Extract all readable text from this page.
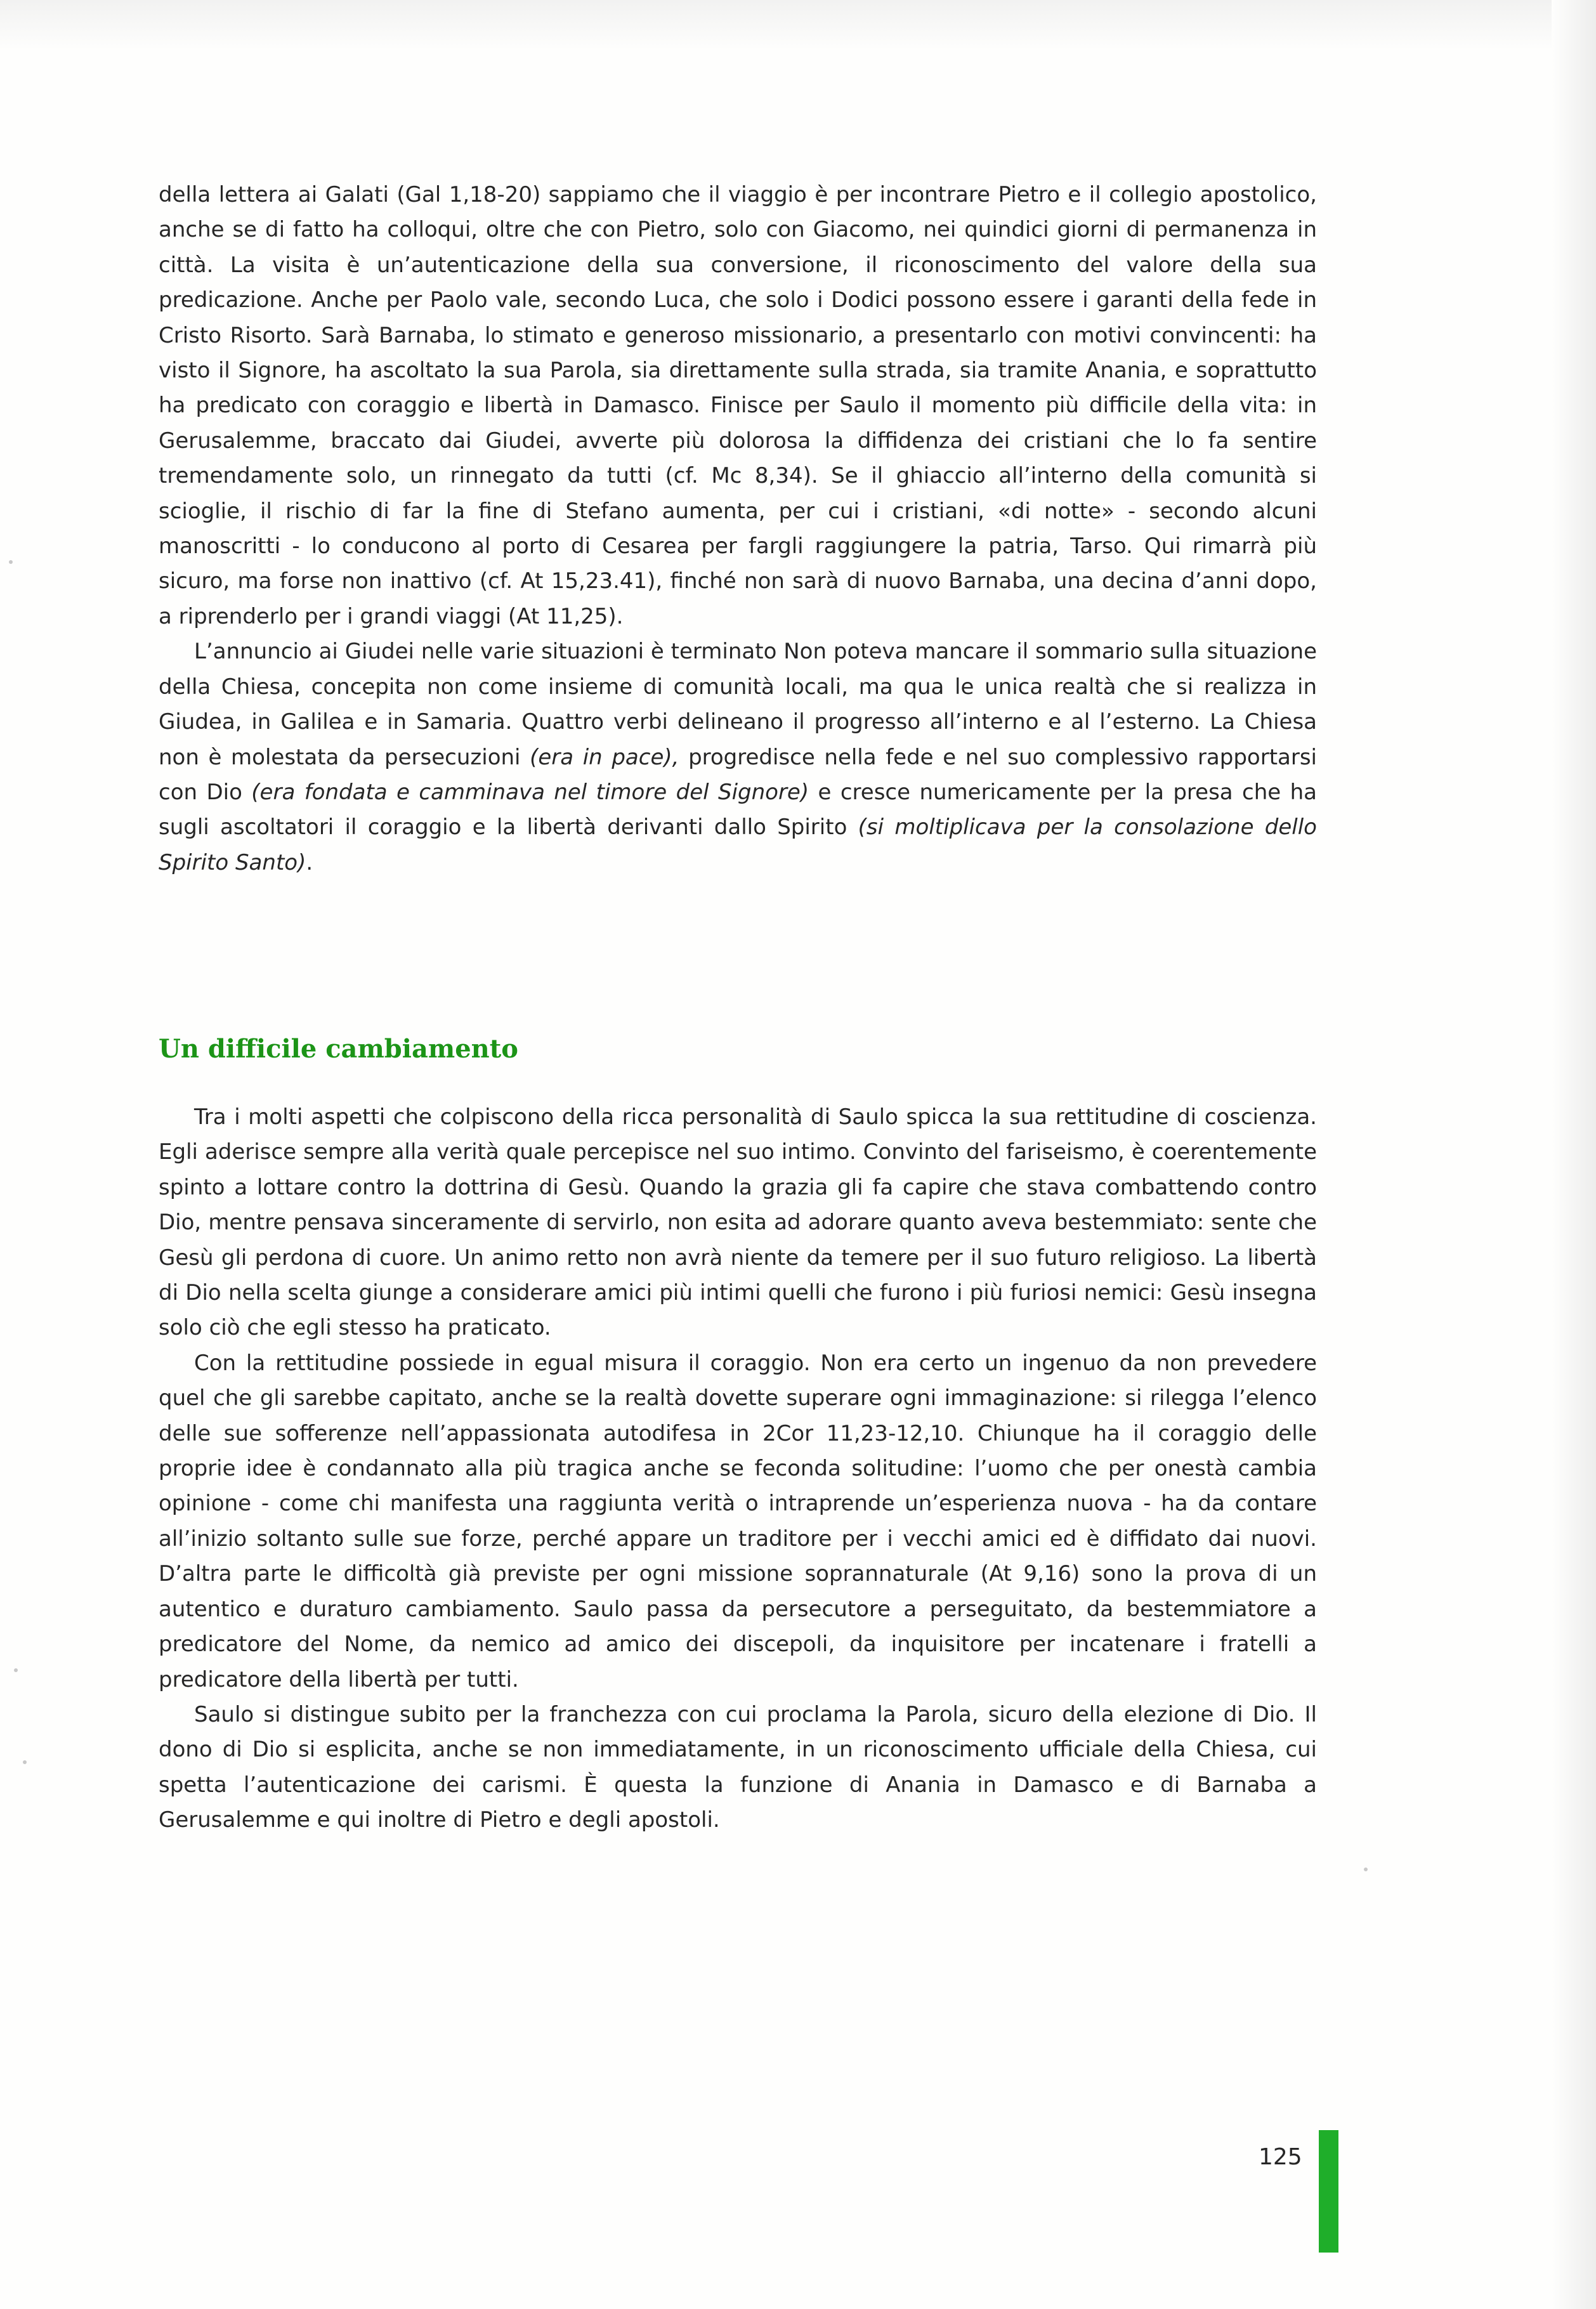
della lettera ai Galati (Gal 1,18-20) sappiamo che il viaggio è per incontrare Pietro e il collegio apostolico, anche se di fatto ha colloqui, oltre che con Pietro, solo con Giacomo, nei quindici giorni di permanenza in città. La visita è un’autenticazione della sua conversione, il riconoscimento del valore della sua predicazione. Anche per Paolo vale, secondo Luca, che solo i Dodici possono essere i garanti della fede in Cristo Risorto. Sarà Barnaba, lo stimato e generoso missionario, a presentarlo con motivi convincenti: ha visto il Signore, ha ascoltato la sua Parola, sia direttamente sulla strada, sia tramite Anania, e soprattutto ha predicato con coraggio e libertà in Damasco. Finisce per Saulo il momento più difficile della vita: in Gerusalemme, braccato dai Giudei, avverte più dolorosa la diffidenza dei cristiani che lo fa sentire tremendamente solo, un rinnegato da tutti (cf. Mc 8,34). Se il ghiaccio all’interno della comunità si scioglie, il rischio di far la fine di Stefano aumenta, per cui i cristiani, «di notte» - secondo alcuni manoscritti - lo conducono al porto di Cesarea per fargli raggiungere la patria, Tarso. Qui rimarrà più sicuro, ma forse non inattivo (cf. At 15,23.41), finché non sarà di nuovo Barnaba, una decina d’anni dopo, a riprenderlo per i grandi viaggi (At 11,25).

L’annuncio ai Giudei nelle varie situazioni è terminato Non poteva mancare il sommario sulla situazione della Chiesa, concepita non come insieme di comunità locali, ma qua le unica realtà che si realizza in Giudea, in Galilea e in Samaria. Quattro verbi delineano il progresso all’interno e al l’esterno. La Chiesa non è molestata da persecuzioni (era in pace), progredisce nella fede e nel suo complessivo rapportarsi con Dio (era fondata e camminava nel timore del Signore) e cresce numericamente per la presa che ha sugli ascoltatori il coraggio e la libertà derivanti dallo Spirito (si moltiplicava per la consolazione dello Spirito Santo).

Un difficile cambiamento

Tra i molti aspetti che colpiscono della ricca personalità di Saulo spicca la sua rettitudine di coscienza. Egli aderisce sempre alla verità quale percepisce nel suo intimo. Convinto del fariseismo, è coerentemente spinto a lottare contro la dottrina di Gesù. Quando la grazia gli fa capire che stava combattendo contro Dio, mentre pensava sinceramente di servirlo, non esita ad adorare quanto aveva bestemmiato: sente che Gesù gli perdona di cuore. Un animo retto non avrà niente da temere per il suo futuro religioso. La libertà di Dio nella scelta giunge a considerare amici più intimi quelli che furono i più furiosi nemici: Gesù insegna solo ciò che egli stesso ha praticato.

Con la rettitudine possiede in egual misura il coraggio. Non era certo un ingenuo da non prevedere quel che gli sarebbe capitato, anche se la realtà dovette superare ogni immaginazione: si rilegga l’elenco delle sue sofferenze nell’appassionata autodifesa in 2Cor 11,23-12,10. Chiunque ha il coraggio delle proprie idee è condannato alla più tragica anche se feconda solitudine: l’uomo che per onestà cambia opinione - come chi manifesta una raggiunta verità o intraprende un’esperienza nuova - ha da contare all’inizio soltanto sulle sue forze, perché appare un traditore per i vecchi amici ed è diffidato dai nuovi. D’altra parte le difficoltà già previste per ogni missione soprannaturale (At 9,16) sono la prova di un autentico e duraturo cambiamento. Saulo passa da persecutore a perseguitato, da bestemmiatore a predicatore del Nome, da nemico ad amico dei discepoli, da inquisitore per incatenare i fratelli a predicatore della libertà per tutti.

Saulo si distingue subito per la franchezza con cui proclama la Parola, sicuro della elezione di Dio. Il dono di Dio si esplicita, anche se non immediatamente, in un riconoscimento ufficiale della Chiesa, cui spetta l’autenticazione dei carismi. È questa la funzione di Anania in Damasco e di Barnaba a Gerusalemme e qui inoltre di Pietro e degli apostoli.

125
